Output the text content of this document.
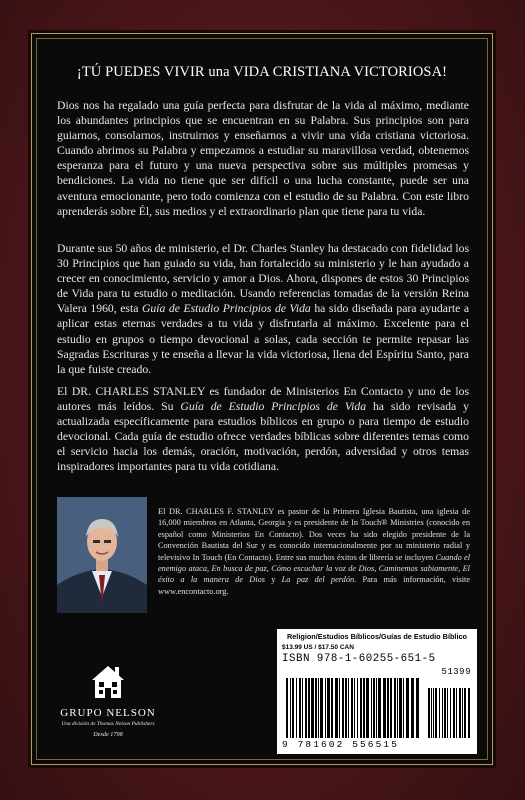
¡TÚ PUEDES VIVIR una VIDA CRISTIANA VICTORIOSA!

Dios nos ha regalado una guía perfecta para disfrutar de la vida al máximo, mediante los abundantes principios que se encuentran en su Palabra. Sus principios son para guiarnos, consolarnos, instruirnos y enseñarnos a vivir una vida cristiana victoriosa. Cuando abrimos su Palabra y empezamos a estudiar su maravillosa verdad, obtenemos esperanza para el futuro y una nueva perspectiva sobre sus múltiples promesas y bendiciones. La vida no tiene que ser difícil o una lucha constante, puede ser una aventura emocionante, pero todo comienza con el estudio de su Palabra. Con este libro aprenderás sobre Él, sus medios y el extraordinario plan que tiene para tu vida.

Durante sus 50 años de ministerio, el Dr. Charles Stanley ha destacado con fidelidad los 30 Principios que han guiado su vida, han fortalecido su ministerio y le han ayudado a crecer en conocimiento, servicio y amor a Dios. Ahora, dispones de estos 30 Principios de Vida para tu estudio o meditación. Usando referencias tomadas de la versión Reina Valera 1960, esta Guía de Estudio Principios de Vida ha sido diseñada para ayudarte a aplicar estas eternas verdades a tu vida y disfrutarla al máximo. Excelente para el estudio en grupos o tiempo devocional a solas, cada sección te permite repasar las Sagradas Escrituras y te enseña a llevar la vida victoriosa, llena del Espíritu Santo, para la que fuiste creado.

El DR. CHARLES STANLEY es fundador de Ministerios En Contacto y uno de los autores más leídos. Su Guía de Estudio Principios de Vida ha sido revisada y actualizada específicamente para estudios bíblicos en grupo o para tiempo de estudio devocional. Cada guía de estudio ofrece verdades bíblicas sobre diferentes temas como el servicio hacia los demás, oración, motivación, perdón, adversidad y otros temas inspiradores importantes para tu vida cotidiana.

El DR. CHARLES F. STANLEY es pastor de la Primera Iglesia Bautista, una iglesia de 16,000 miembros en Atlanta, Georgia y es presidente de In Touch® Ministries (conocido en español como Ministerios En Contacto). Dos veces ha sido elegido presidente de la Convención Bautista del Sur y es conocido internacionalmente por su ministerio radial y televisivo In Touch (En Contacto). Entre sus muchos éxitos de librería se incluyen Cuando el enemigo ataca, En busca de paz, Cómo escuchar la voz de Dios, Caminemos sabiamente, El éxito a la manera de Dios y La paz del perdón. Para más información, visite www.encontacto.org.

GRUPO NELSON
Una división de Thomas Nelson Publishers
Desde 1798
Religion/Estudios Bíblicos/Guías de Estudio Bíblico
$13.99 US / $17.50 CAN
ISBN 978-1-60255-651-5
51399
9 781602 556515
